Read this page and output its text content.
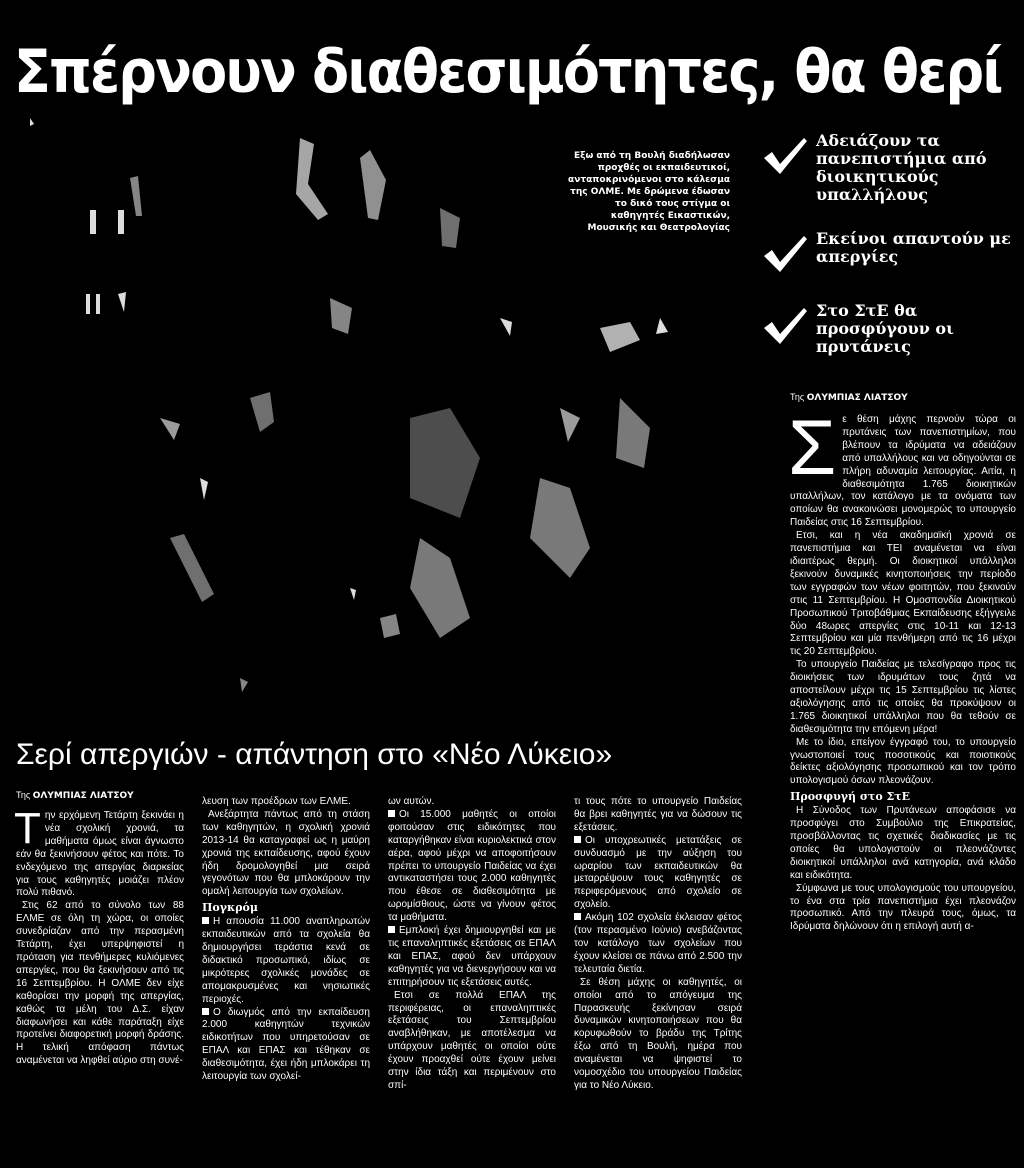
Σπέρνουν διαθεσιμότητες, θα θερί
Εξω από τη Βουλή διαδήλωσαν προχθές οι εκπαιδευτικοί, ανταποκρινόμενοι στο κάλεσμα της ΟΛΜΕ. Με δρώμενα έδωσαν το δικό τους στίγμα οι καθηγητές Εικαστικών, Μουσικής και Θεατρολογίας
Αδειάζουν τα πανεπιστήμια από διοικητικούς υπαλλήλους
Εκείνοι απαντούν με απεργίες
Στο ΣτΕ θα προσφύγουν οι πρυτάνεις
Της ΟΛΥΜΠΙΑΣ ΛΙΑΤΣΟΥ

Σε θέση μάχης περνούν τώρα οι πρυτάνεις των πανεπιστημίων, που βλέπουν τα ιδρύματα να αδειάζουν από υπαλλήλους και να οδηγούνται σε πλήρη αδυναμία λειτουργίας. Αιτία, η διαθεσιμότητα 1.765 διοικητικών υπαλλήλων, τον κατάλογο με τα ονόματα των οποίων θα ανακοινώσει μονομερώς το υπουργείο Παιδείας στις 16 Σεπτεμβρίου.

Ετσι, και η νέα ακαδημαϊκή χρονιά σε πανεπιστήμια και ΤΕΙ αναμένεται να είναι ιδιαιτέρως θερμή. Οι διοικητικοί υπάλληλοι ξεκινούν δυναμικές κινητοποιήσεις την περίοδο των εγγραφών των νέων φοιτητών, που ξεκινούν στις 11 Σεπτεμβρίου. Η Ομοσπονδία Διοικητικού Προσωπικού Τριτοβάθμιας Εκπαίδευσης εξήγγειλε δύο 48ωρες απεργίες στις 10-11 και 12-13 Σεπτεμβρίου και μία πενθήμερη από τις 16 μέχρι τις 20 Σεπτεμβρίου.

Το υπουργείο Παιδείας με τελεσίγραφο προς τις διοικήσεις των ιδρυμάτων τους ζητά να αποστείλουν μέχρι τις 15 Σεπτεμβρίου τις λίστες αξιολόγησης από τις οποίες θα προκύψουν οι 1.765 διοικητικοί υπάλληλοι που θα τεθούν σε διαθεσιμότητα την επόμενη μέρα!

Με το ίδιο, επείγον έγγραφό του, το υπουργείο γνωστοποιεί τους ποσοτικούς και ποιοτικούς δείκτες αξιολόγησης προσωπικού και τον τρόπο υπολογισμού όσων πλεονάζουν.

Προσφυγή στο ΣτΕ

Η Σύνοδος των Πρυτάνεων αποφάσισε να προσφύγει στο Συμβούλιο της Επικρατείας, προσβάλλοντας τις σχετικές διαδικασίες με τις οποίες θα υπολογιστούν οι πλεονάζοντες διοικητικοί υπάλληλοι ανά κατηγορία, ανά κλάδο και ειδικότητα.

Σύμφωνα με τους υπολογισμούς του υπουργείου, το ένα στα τρία πανεπιστήμια έχει πλεονάζον προσωπικό. Από την πλευρά τους, όμως, τα Ιδρύματα δηλώνουν ότι η επιλογή αυτή α-

Σερί απεργιών - απάντηση στο «Νέο Λύκειο»
Της ΟΛΥΜΠΙΑΣ ΛΙΑΤΣΟΥ

Την ερχόμενη Τετάρτη ξεκινάει η νέα σχολική χρονιά, τα μαθήματα όμως είναι άγνωστο εάν θα ξεκινήσουν φέτος και πότε. Το ενδεχόμενο της απεργίας διαρκείας για τους καθηγητές μοιάζει πλέον πολύ πιθανό.

Στις 62 από το σύνολο των 88 ΕΛΜΕ σε όλη τη χώρα, οι οποίες συνεδρίαζαν από την περασμένη Τετάρτη, έχει υπερψηφιστεί η πρόταση για πενθήμερες κυλιόμενες απεργίες, που θα ξεκινήσουν από τις 16 Σεπτεμβρίου. Η ΟΛΜΕ δεν είχε καθορίσει την μορφή της απεργίας, καθώς τα μέλη του Δ.Σ. είχαν διαφωνήσει και κάθε παράταξη είχε προτείνει διαφορετική μορφή δράσης. Η τελική απόφαση πάντως αναμένεται να ληφθεί αύριο στη συνέ-

λευση των προέδρων των ΕΛΜΕ.

Ανεξάρτητα πάντως από τη στάση των καθηγητών, η σχολική χρονιά 2013-14 θα καταγραφεί ως η μαύρη χρονιά της εκπαίδευσης, αφού έχουν ήδη δρομολογηθεί μια σειρά γεγονότων που θα μπλοκάρουν την ομαλή λειτουργία των σχολείων.

Πογκρόμ

Η απουσία 11.000 αναπληρωτών εκπαιδευτικών από τα σχολεία θα δημιουργήσει τεράστια κενά σε διδακτικό προσωπικό, ιδίως σε μικρότερες σχολικές μονάδες σε απομακρυσμένες και νησιωτικές περιοχές.

Ο διωγμός από την εκπαίδευση 2.000 καθηγητών τεχνικών ειδικοτήτων που υπηρετούσαν σε ΕΠΑΛ και ΕΠΑΣ και τέθηκαν σε διαθεσιμότητα, έχει ήδη μπλοκάρει τη λειτουργία των σχολεί-

ων αυτών.

Οι 15.000 μαθητές οι οποίοι φοιτούσαν στις ειδικότητες που καταργήθηκαν είναι κυριολεκτικά στον αέρα, αφού μέχρι να αποφοιτήσουν πρέπει το υπουργείο Παιδείας να έχει αντικαταστήσει τους 2.000 καθηγητές που έθεσε σε διαθεσιμότητα με ωρομίσθιους, ώστε να γίνουν φέτος τα μαθήματα.

Εμπλοκή έχει δημιουργηθεί και με τις επαναληπτικές εξετάσεις σε ΕΠΑΛ και ΕΠΑΣ, αφού δεν υπάρχουν καθηγητές για να διενεργήσουν και να επιτηρήσουν τις εξετάσεις αυτές.

Ετσι σε πολλά ΕΠΑΛ της περιφέρειας, οι επαναληπτικές εξετάσεις του Σεπτεμβρίου αναβλήθηκαν, με αποτέλεσμα να υπάρχουν μαθητές οι οποίοι ούτε έχουν προαχθεί ούτε έχουν μείνει στην ίδια τάξη και περιμένουν στο σπί-

τι τους πότε το υπουργείο Παιδείας θα βρει καθηγητές για να δώσουν τις εξετάσεις.

Οι υποχρεωτικές μετατάξεις σε συνδυασμό με την αύξηση του ωραρίου των εκπαιδευτικών θα μεταρρέψουν τους καθηγητές σε περιφερόμενους από σχολείο σε σχολείο.

Ακόμη 102 σχολεία έκλεισαν φέτος (τον περασμένο Ιούνιο) ανεβάζοντας τον κατάλογο των σχολείων που έχουν κλείσει σε πάνω από 2.500 την τελευταία διετία.

Σε θέση μάχης οι καθηγητές, οι οποίοι από το απόγευμα της Παρασκευής ξεκίνησαν σειρά δυναμικών κινητοποιήσεων που θα κορυφωθούν το βράδυ της Τρίτης έξω από τη Βουλή, ημέρα που αναμένεται να ψηφιστεί το νομοσχέδιο του υπουργείου Παιδείας για το Νέο Λύκειο.
